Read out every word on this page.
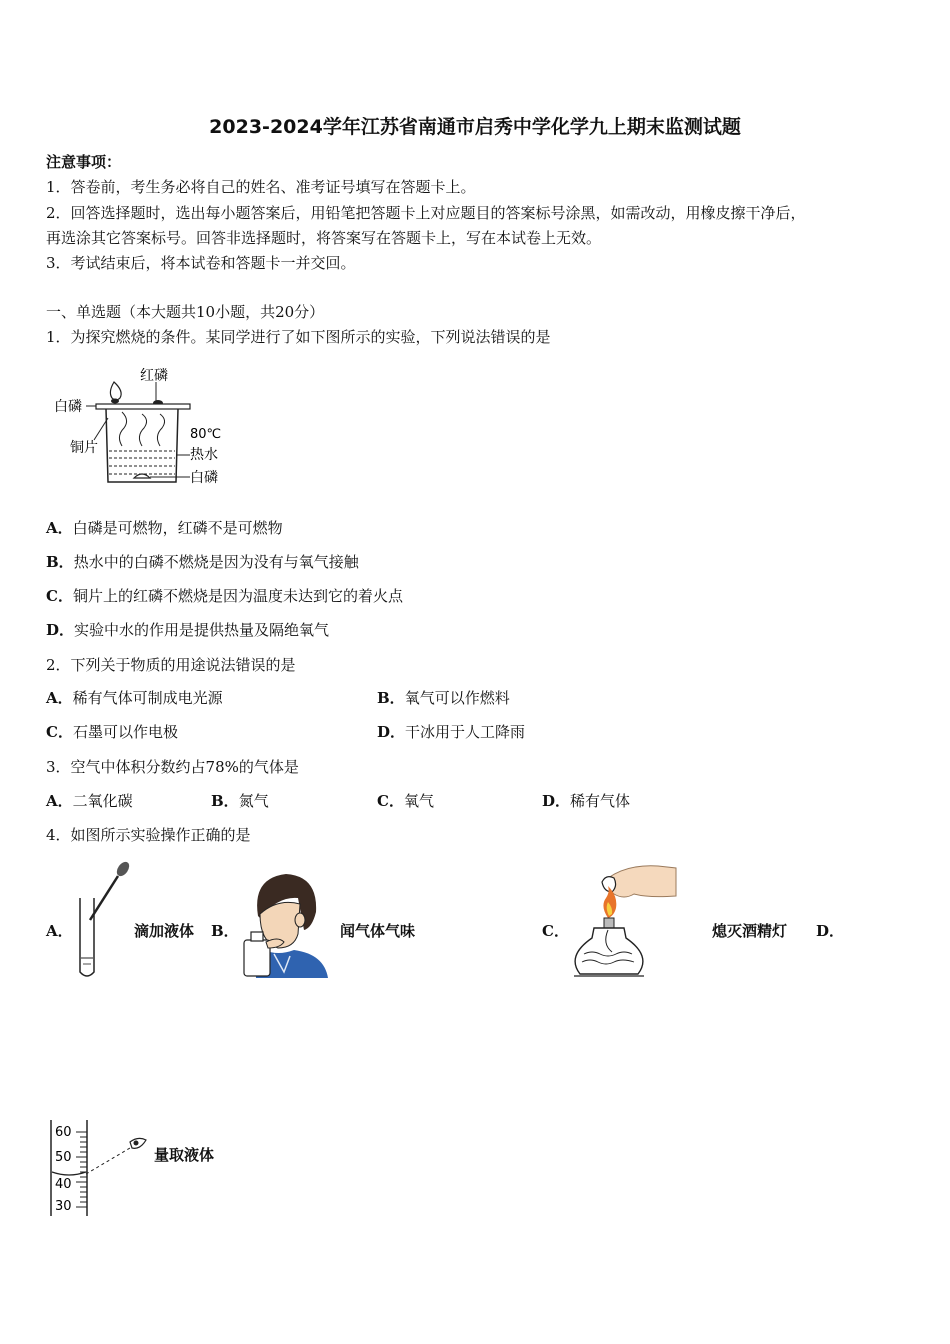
2023-2024学年江苏省南通市启秀中学化学九上期末监测试题
注意事项：
1．答卷前，考生务必将自己的姓名、准考证号填写在答题卡上。
2．回答选择题时，选出每小题答案后，用铅笔把答题卡上对应题目的答案标号涂黑，如需改动，用橡皮擦干净后，
再选涂其它答案标号。回答非选择题时，将答案写在答题卡上，写在本试卷上无效。
3．考试结束后，将本试卷和答题卡一并交回。
一、单选题（本大题共10小题，共20分）
1．为探究燃烧的条件。某同学进行了如下图所示的实验，下列说法错误的是
红磷
白磷
铜片
80℃
热水
白磷
A．白磷是可燃物，红磷不是可燃物
B．热水中的白磷不燃烧是因为没有与氧气接触
C．铜片上的红磷不燃烧是因为温度未达到它的着火点
D．实验中水的作用是提供热量及隔绝氧气
2．下列关于物质的用途说法错误的是
A．稀有气体可制成电光源	B．氧气可以作燃料
C．石墨可以作电极	D．干冰用于人工降雨
3．空气中体积分数约占78%的气体是
A．二氧化碳	B．氮气	C．氧气	D．稀有气体
4．如图所示实验操作正确的是
A．	滴加液体 B．	闻气体气味	C．	熄灭酒精灯 D．
60
50
40
30
量取液体
